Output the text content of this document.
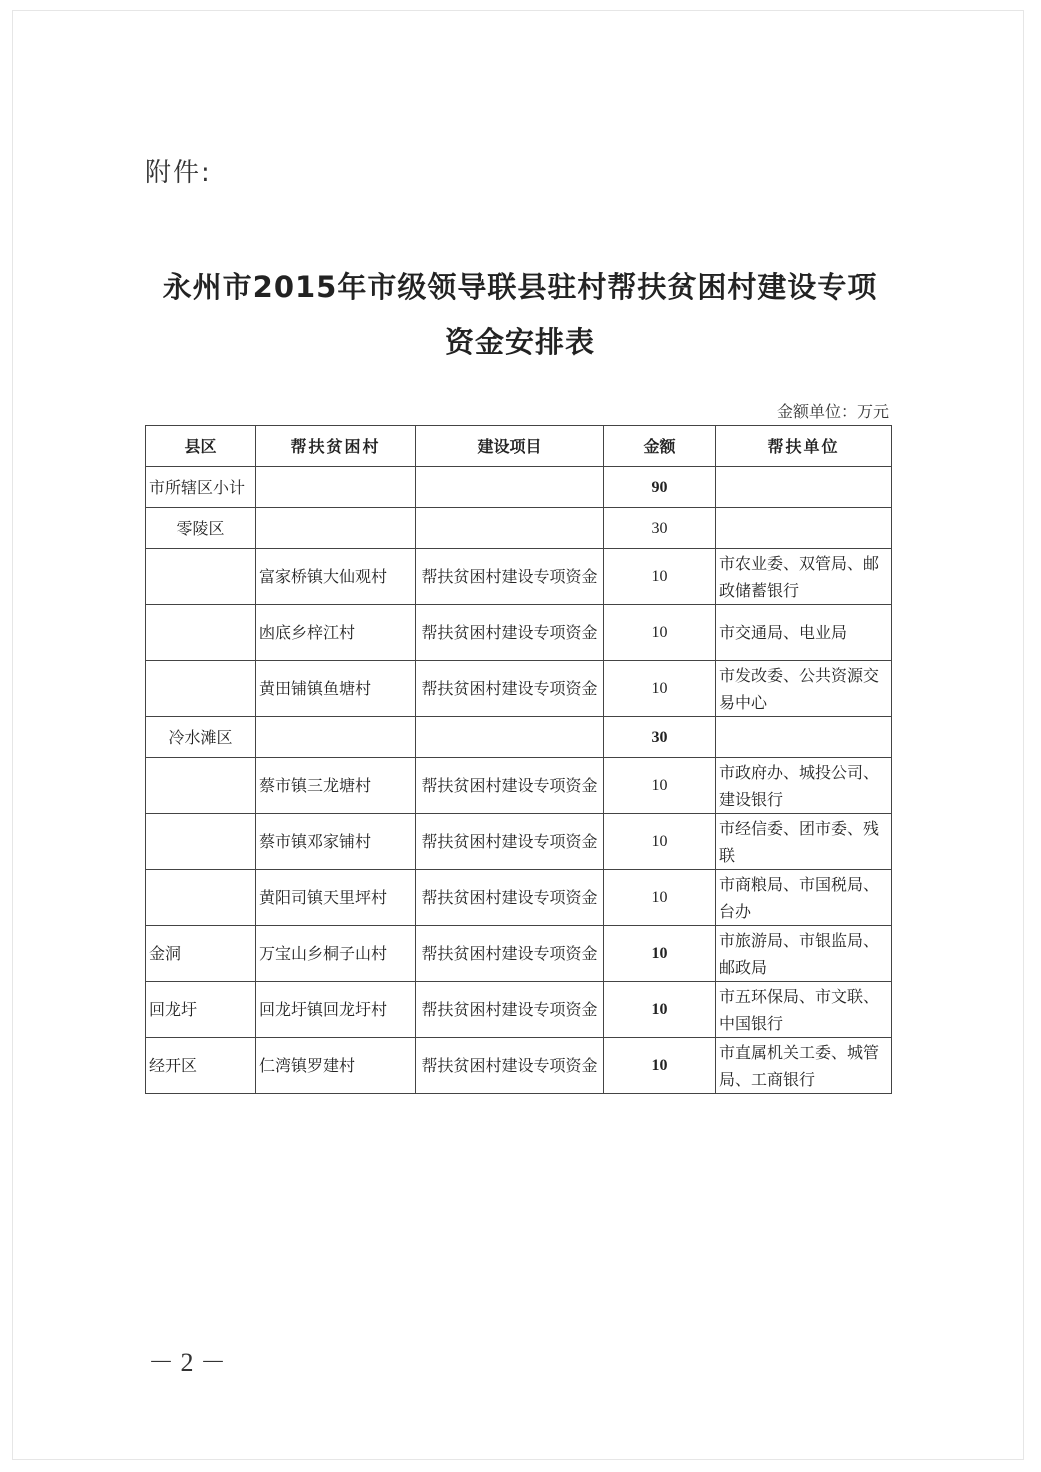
附件:
永州市2015年市级领导联县驻村帮扶贫困村建设专项
资金安排表
金额单位：万元
县区	帮扶贫困村	建设项目	金额	帮扶单位
市所辖区小计			90	
零陵区			30	
	富家桥镇大仙观村	帮扶贫困村建设专项资金	10	市农业委、双管局、邮政储蓄银行
	凼底乡梓江村	帮扶贫困村建设专项资金	10	市交通局、电业局
	黄田铺镇鱼塘村	帮扶贫困村建设专项资金	10	市发改委、公共资源交易中心
冷水滩区			30	
	蔡市镇三龙塘村	帮扶贫困村建设专项资金	10	市政府办、城投公司、建设银行
	蔡市镇邓家铺村	帮扶贫困村建设专项资金	10	市经信委、团市委、残联
	黄阳司镇天里坪村	帮扶贫困村建设专项资金	10	市商粮局、市国税局、台办
金洞	万宝山乡桐子山村	帮扶贫困村建设专项资金	10	市旅游局、市银监局、邮政局
回龙圩	回龙圩镇回龙圩村	帮扶贫困村建设专项资金	10	市五环保局、市文联、中国银行
经开区	仁湾镇罗建村	帮扶贫困村建设专项资金	10	市直属机关工委、城管局、工商银行
－ 2 －
